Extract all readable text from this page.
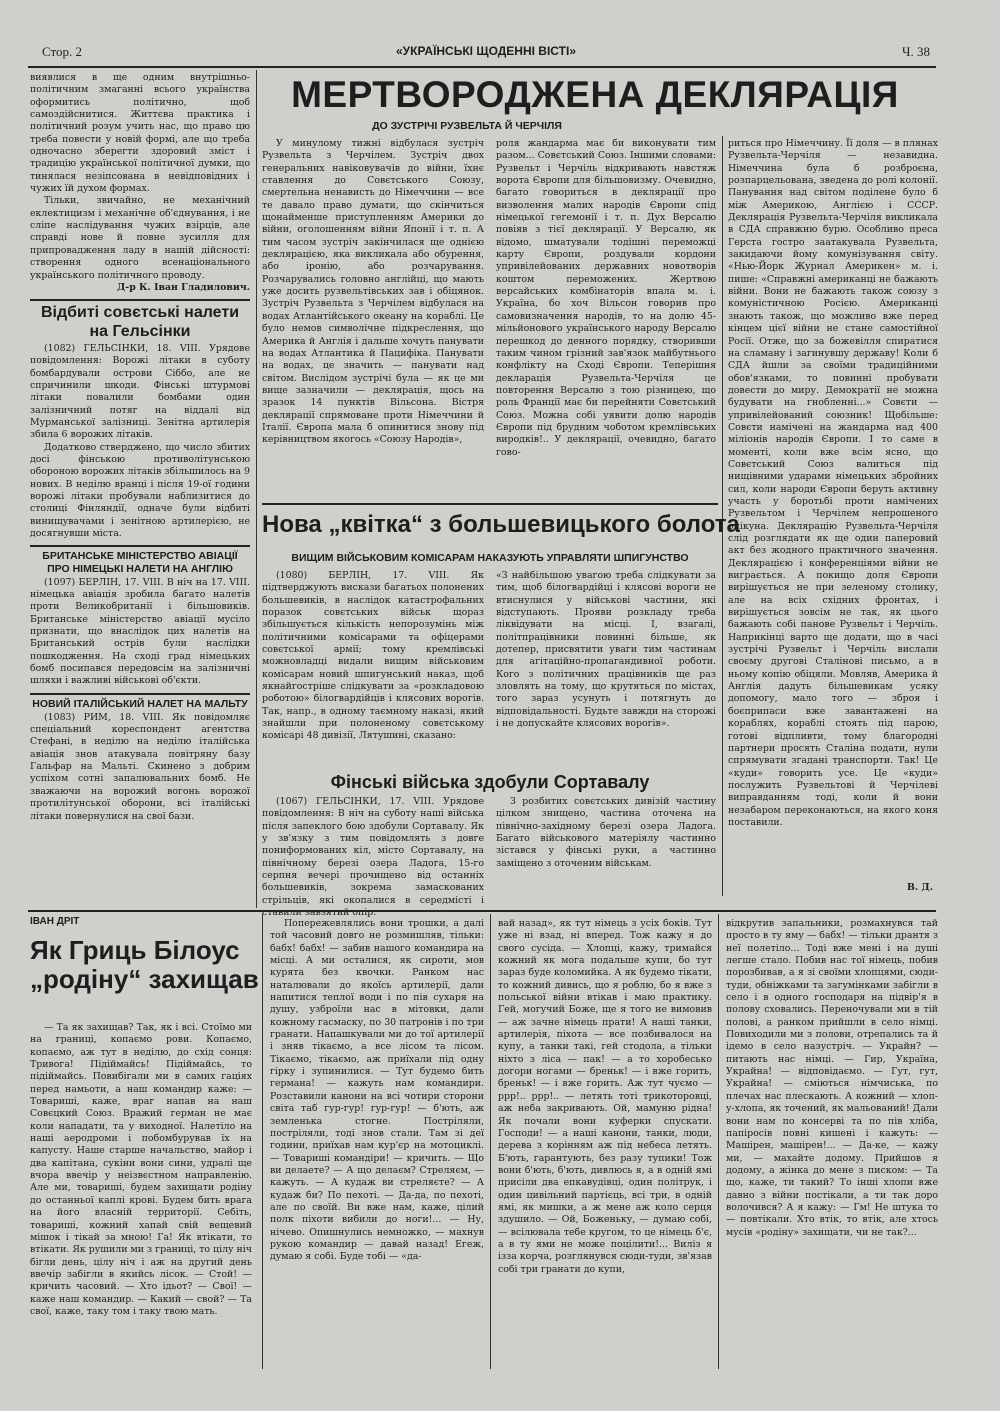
Стор. 2	«УКРАЇНСЬКІ ЩОДЕННІ ВІСТІ»	Ч. 38

виявлися в ще одним внутрішньо-політичним змаганні всього українства оформитись політично, щоб самоздійснитися. Життєва практика і політичний розум учить нас, що право цю треба повести у новій формі, але що треба одночасно зберегти здоровий зміст і традицію української політичної думки, що тинялася незіпсована в невідповідних і чужих їй духом формах.

Тільки, звичайно, не механічний еклектицизм і механічне об'єднування, і не сліпе наслідування чужих взірців, але справді нове й повне зусилля для припровадження ладу в нашій дійсності: створення одного всенаціонального українського політичного проводу.

Д-р К. Іван Гладилович.
Відбиті совєтські налети на Гельсінки

(1082) ГЕЛЬСІНКИ, 18. VIII. Урядове повідомлення: Ворожі літаки в суботу бомбардували острови Сіббо, але не спричинили шкоди. Фінські штурмові літаки повалили бомбами один залізничний потяг на віддалі від Мурманської залізниці. Зенітна артилерія збила 6 ворожих літаків.

Додатково стверджено, що число збитих досі фінською противолітунською обороною ворожих літаків збільшилось на 9 нових. В неділю вранці і після 19-ої години ворожі літаки пробували наблизитися до столиці Фінляндії, одначе були відбиті винищувачами і зенітною артилерією, не досягнувши міста.

БРИТАНСЬКЕ МІНІСТЕРСТВО АВІАЦІЇ ПРО НІМЕЦЬКІ НАЛЕТИ НА АНГЛІЮ

(1097) БЕРЛІН, 17. VIII. В ніч на 17. VIII. німецька авіація зробила багато налетів проти Великобританії і більшовиків. Британське міністерство авіації мусіло признати, що внаслідок цих налетів на Британський острів були наслідки пошкодження. На сході град німецьких бомб посипався передовсім на залізничні шляхи і важливі військові об'єкти.

НОВИЙ ІТАЛІЙСЬКИЙ НАЛЕТ НА МАЛЬТУ

(1083) РИМ, 18. VIII. Як повідомляє спеціальний кореспондент агентства Стефані, в неділю на неділю італійська авіація знов атакувала повітряну базу Гальфар на Мальті. Скинено з добрим успіхом сотні запалювальних бомб. Не зважаючи на ворожий вогонь ворожої протилітунської оборони, всі італійські літаки повернулися на свої бази.

МЕРТВОРОДЖЕНА ДЕКЛЯРАЦІЯ
ДО ЗУСТРІЧІ РУЗВЕЛЬТА Й ЧЕРЧІЛЯ

У минулому тижні відбулася зустріч Рузвельта з Черчілем. Зустріч двох генеральних навіковувачів до війни, їхнє ставлення до Совєтського Союзу, смертельна ненависть до Німеччини — все те давало право думати, що скінчиться щонайменше приступленням Америки до війни, оголошенням війни Японії і т. п. А тим часом зустріч закінчилася ще однією деклярацією, яка викликала або обурення, або іронію, або розчарування. Розчарувались головно англійці, що мають уже досить рузвельтівських зав і обіцянок. Зустріч Рузвельта з Черчілем відбулася на водах Атлантійського океану на кораблі. Це було немов символічне підкреслення, що Америка й Англія і дальше хочуть панувати на водах Атлантика й Пацифіка. Панувати на водах, це значить — панувати над світом. Вислідом зустрічі була — як це ми вище зазначили — деклярація, щось на зразок 14 пунктів Вільсона. Вістря деклярації спрямоване проти Німеччини й Італії. Європа мала б опинитися знову під керівництвом якогось «Союзу Народів»,

роля жандарма має би виконувати тим разом... Совєтський Союз. Іншими словами: Рузвельт і Черчіль відкривають навстяж ворота Європи для більшовизму. Очевидно, багато говориться в деклярації про визволення малих народів Європи спід німецької гегемонії і т. п. Дух Версалю повіяв з тієї деклярації. У Версалю, як відомо, шматували тодішні переможці карту Європи, роздували кордони упривілейованих державних новотворів коштом переможених. Жертвою версайських комбінаторів впала м. і. Україна, бо хоч Вільсон говорив про самовизначення народів, то на долю 45-мільйонового українського народу Версалю перешкод до денного порядку, створивши таким чином грізний зав'язок майбутнього конфлікту на Сході Європи. Теперішня декларація Рузвельта-Черчіля це повторення Версалю з тою різницею, що роль Франції має би перейняти Совєтський Союз. Можна собі уявити долю народів Європи під брудним чоботом кремлівських виродків!.. У деклярації, очевидно, багато гово-

риться про Німеччину. Її доля — в плянах Рузвельта-Черчіля — незавидна. Німеччина була б розброєна, розпарцельована, зведена до ролі колонії. Панування над світом поділене було б між Америкою, Англією і СССР. Деклярація Рузвельта-Черчіля викликала в СДА справжню бурю. Особливо преса Герста гостро заатакувала Рузвельта, закидаючи йому комунізування світу. «Нью-Йорк Журнал Америкен» м. і. пише: «Справжні американці не бажають війни. Вони не бажають також союзу з комуністичною Росією. Американці знають також, що можливо вже перед кінцем цієї війни не стане самостійної Росії. Отже, що за божевілля спиратися на сламану і загинувшу державу! Коли б СДА йшли за своїми традиційними обов'язками, то повинні пробувати довести до миру. Демократії не можна будувати на гнобленні...» Совєти — упривілейований союзник! Щобільше: Совєти намічені на жандарма над 400 міліонів народів Європи. І то саме в моменті, коли вже всім ясно, що Совєтський Союз валиться під нищівними ударами німецьких збройних сил, коли народи Європи беруть активну участь у боротьбі проти намічених Рузвельтом і Черчілем непрошеного опікуна. Деклярацію Рузвельта-Черчіля слід розглядати як ще один паперовий акт без жодного практичного значення. Деклярацією і конференціями війни не виграється. А покищо доля Європи вирішується не при зеленому столику, але на всіх східних фронтах, і вирішується зовсім не так, як цього бажають собі панове Рузвельт і Черчіль. Наприкінці варто ще додати, що в часі зустрічі Рузвельт і Черчіль вислали своєму другові Сталінові письмо, а в ньому копію обіцяли. Мовляв, Америка й Англія дадуть більшевикам усяку допомогу, мало того — зброя і боєприпаси вже завантажені на кораблях, кораблі стоять під парою, готові відпливти, тому благородні партнери просять Сталіна подати, нули спрямувати згадані транспорти. Так! Це «куди» говорить усе. Це «куди» послужить Рузвельтові й Черчілеві виправданням тоді, коли й вони незабаром переконаються, на якого коня поставили.

В. Д.
Нова „квітка“ з большевицького болота
ВИЩИМ ВІЙСЬКОВИМ КОМІСАРАМ НАКАЗУЮТЬ УПРАВЛЯТИ ШПИГУНСТВО

(1080) БЕРЛІН, 17. VIII. Як підтверджують вискази багатьох полонених большевиків, в наслідок катастрофальних поразок совєтських військ щораз збільшується кількість непорозумінь між політичними комісарами та офіцерами совєтської армії; тому кремлівські можновладці видали вищим військовим комісарам новий шпигунський наказ, щоб якнайгостріше слідкувати за «розкладовою роботою» білогвардійців і клясових ворогів. Так, напр., в одному таємному наказі, який знайшли при полоненому совєтському комісарі 48 дивізії, Лятушині, сказано:

«З найбільшою увагою треба слідкувати за тим, щоб білогвардійці і клясові вороги не втиснулися у військові частини, які відступають. Прояви розкладу треба ліквідувати на місці. І, взагалі, політпрацівники повинні більше, як дотепер, присвятити уваги тим частинам для агітаційно-пропагандивної роботи. Кого з політичних працівників ще раз зловлять на тому, що крутяться по містах, того зараз усунуть і потягнуть до відповідальності. Будьте завжди на сторожі і не допускайте клясових ворогів».

Фінські війська здобули Сортавалу

(1067) ГЕЛЬСІНКИ, 17. VIII. Урядове повідомлення: В ніч на суботу наші війська після запеклого бою здобули Сортавалу. Як у зв'язку з тим повідомлять з довге пониформованих кіл, місто Сортавалу, на північному березі озера Ладога, 15-го серпня вечері прочищено від останніх большевиків, зокрема замаскованих стрільців, які окопалися в середмісті і ставили завзятий опір.

З розбитих совєтських дивізій частину цілком знищено, частина оточена на північно-західному березі озера Ладога. Багато військового матеріялу частинно зістався у фінські руки, а частинно заміщено з оточеним військам.

ІВАН ДРІТ
Як Гриць Білоус „родіну“ захищав

— Та як захищав? Так, як і всі. Стоїмо ми на границі, копаємо рови. Копаємо, копаємо, аж тут в неділю, до схід сонця: Тривога! Підіймайсь! Підіймайсь, то підіймайсь. Повибігали ми в самих гаціях перед намьоти, а наш командир каже: — Товариші, каже, враг напав на наш Совєцкий Союз. Вражий герман не має коли нападати, та у виходної. Налетіло на наші аеродроми і побомбурував їх на капусту. Наше старше начальство, майор і два капітана, сукіни вони сини, удралі ще вчора ввечір у неізвєстном направленію. Але ми, товариші, будем захищати родіну до останньої каплі крові. Будем бить врага на його власній территорії. Себіть, товариші, кожний хапай свій вещевий мішок і тікай за мною! Га! Як втікати, то втікати. Як рушили ми з границі, то цілу ніч бігли день, цілу ніч і аж на другий день ввечір забігли в якийсь лісок. — Стой! — кричить часовий. — Хто ідьот? — Свої! — каже наш командир. — Какий — свой? — Та свої, каже, таку том і таку твою мать.

Попережевлялись вони трошки, а далі той часовий довго не розмишляв, тільки: бабх! бабх! — забив нашого командира на місці. А ми осталися, як сироти, мов курята без квочки. Ранком нас наталювали до якоїсь артилерії, дали напитися теплої води і по пів сухаря на душу, узброїли нас в мітовки, дали кожному гасмаску, по 30 патронів і по три гранати. Напашкували ми до тої артилерії і зняв тікаємо, а все лісом та лісом. Тікаємо, тікаємо, аж приїхали під одну гірку і зупинилися. — Тут будемо бить гермaна! — кажуть нам командири. Розставили канони на всі чотири сторони світа таб гур-гур! гур-гур! — б'ють, аж земленька стогне. Постріляли, постріляли, тоді знов стали. Там зі деї години, приїхав нам кур'єр на мотоциклі. — Товариші командіри! — кричить. — Що ви делаете? — А що делаєм? Стреляєм, — кажуть. — А кудаж ви стреляєте? — А кудаж би? По пехоті. — Да-да, по пехоті, але по своїй. Ви вже нам, каже, цілий полк піхоти вибили до ноги!... — Ну, нічево. Опишнулись немножко, — махнув рукою командир — давай назад! Егеж, думаю я собі. Буде тобі — «да-

вай назад», як тут німець з усіх боків. Тут уже ні взад, ні вперед. Тож кажу я до свого сусіда. — Хлопці, кажу, тримайся кожний як мога подальше купи, бо тут зараз буде коломийка. А як будемо тікати, то кожний дивись, що я роблю, бо я вже з польської війни втікав і маю практику. Гей, могучий Боже, ще я того не вимовив — аж зачне німець прати! А наші танки, артилерія, піхота — все позбивалося на купу, а танки такі, гей стодола, а тільки ніхто з ліса — пак! — а то хоробесько догори ногами — бреньк! — і вже горить, бреньк! — і вже горить. Аж тут чуємо — ррр!.. ррр!.. — летять тоті трикоторовці, аж неба закривають. Ой, мамуню рідна! Як почали вони куферки спускати. Господи! — а наші канони, танки, люди, дерева з корінням аж під небеса летять. Б'ють, гарантують, без разу тупики! Тож вони б'ють, б'ють, дивлюсь я, а в одній ямі присіли два епкавудівці, один політрук, і один цивільний партієць, всі три, в одній ямі, як мишки, а ж мене аж коло серця здушило. — Ой, Боженьку, — думаю собі, — всілювала тебе кругом, то це німець б'є, а в ту ями не може поцілити!... Виліз я ізза корча, розглянувся сюди-туди, зв'язав собі три гранати до купи,

відкрутив запальники, розмахнувся тай просто в ту яму — бабх! — тільки дрантя з неї полетіло... Тоді вже мені і на душі легше стало. Побив нас тої німець, побив порозбивав, а я зі своїми хлопцями, сюди-туди, обніжками та загумінками забігли в село і в одного господаря на підвір'я в полову сховались. Переночували ми в тій полові, а ранком прийшли в село німці. Повиходили ми з полови, отрепались та й ідемо в село назустріч. — Украйн? — питають нас німці. — Гир, Україна, Украйна! — відповідаємо. — Гут, гут, Украйна! — сміються німчиська, по плечах нас плескають. А кожний — хлоп-у-хлопа, як точений, як мальований! Дали вони нам по консерві та по пів хліба, папіросів повні кишені і кажуть: — Машірен, машірен!... — Да-ке, — кажу ми, — махайте додому. Прийшов я додому, а жінка до мене з писком: — Та що, каже, ти такий? То інші хлопи вже давно з війни постікали, а ти так доро волочився? А я кажу: — Гм! Не штука то — повтікали. Хто втік, то втік, але хтось мусів «родіну» захищати, чи не так?...
